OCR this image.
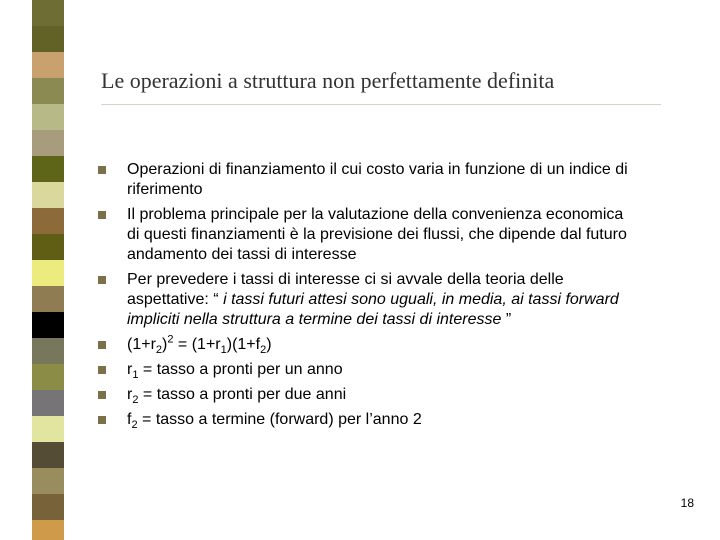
Le operazioni a struttura non perfettamente definita
Operazioni di finanziamento il cui costo varia in funzione di un indice di
riferimento
Il problema principale per la valutazione della convenienza economica
di questi finanziamenti è la previsione dei flussi, che dipende dal futuro
andamento dei tassi di interesse
Per prevedere i tassi di interesse ci si avvale della teoria delle
aspettative: “ i tassi futuri attesi sono uguali, in media, ai tassi forward
impliciti nella struttura a termine dei tassi di interesse ”
$(1+r_2)^2 = (1+r_1)(1+f_2)$
$r_1$ = tasso a pronti per un anno
$r_2$ = tasso a pronti per due anni
$f_2$ = tasso a termine (forward) per l’anno 2
18
